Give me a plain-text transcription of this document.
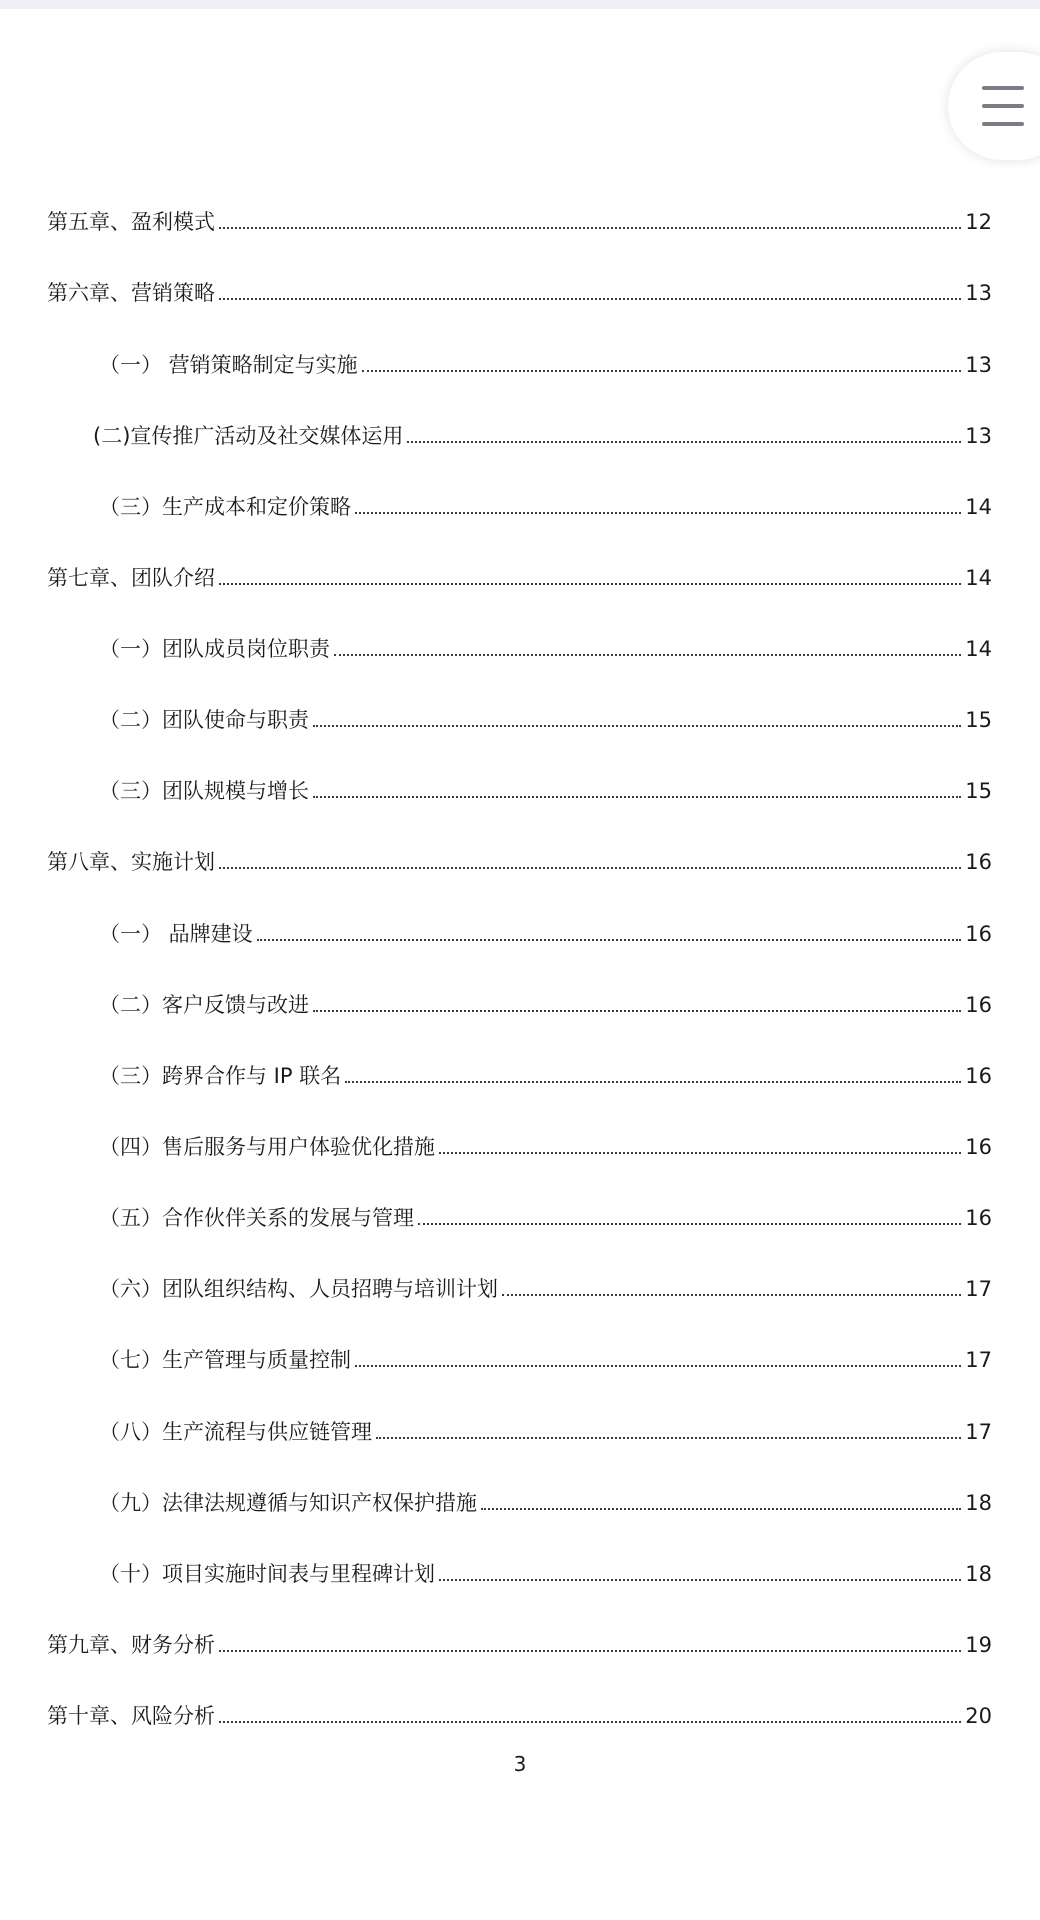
第五章、盈利模式	12
第六章、营销策略	13
（一） 营销策略制定与实施	13
(二)宣传推广活动及社交媒体运用	13
（三）生产成本和定价策略	14
第七章、团队介绍	14
（一）团队成员岗位职责	14
（二）团队使命与职责	15
（三）团队规模与增长	15
第八章、实施计划	16
（一） 品牌建设	16
（二）客户反馈与改进	16
（三）跨界合作与 IP 联名	16
（四）售后服务与用户体验优化措施	16
（五）合作伙伴关系的发展与管理	16
（六）团队组织结构、人员招聘与培训计划	17
（七）生产管理与质量控制	17
（八）生产流程与供应链管理	17
（九）法律法规遵循与知识产权保护措施	18
（十）项目实施时间表与里程碑计划	18
第九章、财务分析	19
第十章、风险分析	20
3
